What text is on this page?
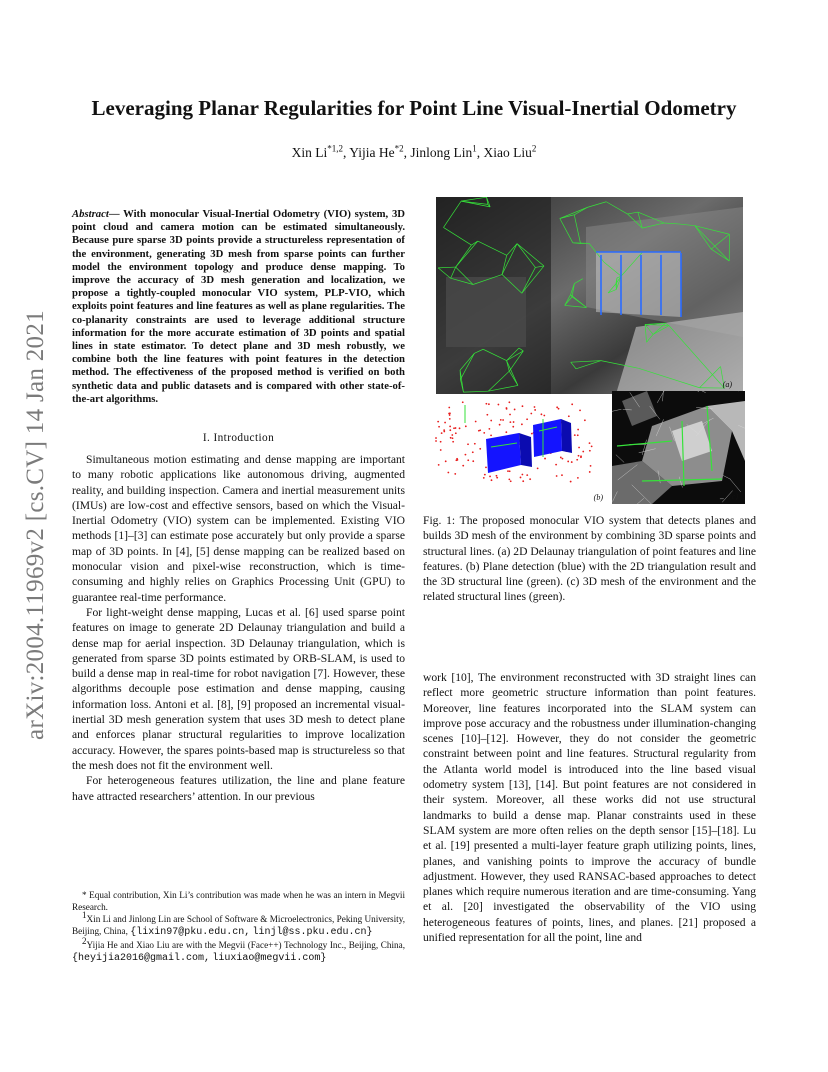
arXiv:2004.11969v2 [cs.CV] 14 Jan 2021
Leveraging Planar Regularities for Point Line Visual-Inertial Odometry
Xin Li$^{*1,2}$, Yijia He$^{*2}$, Jinlong Lin$^1$, Xiao Liu$^2$
Abstract— With monocular Visual-Inertial Odometry (VIO) system, 3D point cloud and camera motion can be estimated simultaneously. Because pure sparse 3D points provide a structureless representation of the environment, generating 3D mesh from sparse points can further model the environment topology and produce dense mapping. To improve the accuracy of 3D mesh generation and localization, we propose a tightly-coupled monocular VIO system, PLP-VIO, which exploits point features and line features as well as plane regularities. The co-planarity constraints are used to leverage additional structure information for the more accurate estimation of 3D points and spatial lines in state estimator. To detect plane and 3D mesh robustly, we combine both the line features with point features in the detection method. The effectiveness of the proposed method is verified on both synthetic data and public datasets and is compared with other state-of-the-art algorithms.
I. Introduction

Simultaneous motion estimating and dense mapping are important to many robotic applications like autonomous driving, augmented reality, and building inspection. Camera and inertial measurement units (IMUs) are low-cost and effective sensors, based on which the Visual-Inertial Odometry (VIO) system can be implemented. Existing VIO methods [1]–[3] can estimate pose accurately but only provide a sparse map of 3D points. In [4], [5] dense mapping can be realized based on monocular vision and pixel-wise reconstruction, which is time-consuming and highly relies on Graphics Processing Unit (GPU) to guarantee real-time performance.

For light-weight dense mapping, Lucas et al. [6] used sparse point features on image to generate 2D Delaunay triangulation and build a dense map for aerial inspection. 3D Delaunay triangulation, which is generated from sparse 3D points estimated by ORB-SLAM, is used to build a dense map in real-time for robot navigation [7]. However, these algorithms decouple pose estimation and dense mapping, causing information loss. Antoni et al. [8], [9] proposed an incremental visual-inertial 3D mesh generation system that uses 3D mesh to detect plane and enforces planar structural regularities to improve localization accuracy. However, the spares points-based map is structureless so that the mesh does not fit the environment well.

For heterogeneous features utilization, the line and plane feature have attracted researchers’ attention. In our previous

* Equal contribution, Xin Li’s contribution was made when he was an intern in Megvii Research.

$^1$Xin Li and Jinlong Lin are School of Software & Microelectronics, Peking University, Beijing, China, {lixin97@pku.edu.cn, linjl@ss.pku.edu.cn}

$^2$Yijia He and Xiao Liu are with the Megvii (Face++) Technology Inc., Beijing, China, {heyijia2016@gmail.com, liuxiao@megvii.com}

(a)
(b)	(c)

Fig. 1: The proposed monocular VIO system that detects planes and builds 3D mesh of the environment by combining 3D sparse points and structural lines. (a) 2D Delaunay triangulation of point features and line features. (b) Plane detection (blue) with the 2D triangulation result and the 3D structural line (green). (c) 3D mesh of the environment and the related structural lines (green).

work [10], The environment reconstructed with 3D straight lines can reflect more geometric structure information than point features. Moreover, line features incorporated into the SLAM system can improve pose accuracy and the robustness under illumination-changing scenes [10]–[12]. However, they do not consider the geometric constraint between point and line features. Structural regularity from the Atlanta world model is introduced into the line based visual odometry system [13], [14]. But point features are not considered in their system. Moreover, all these works did not use structural landmarks to build a dense map. Planar constraints used in these SLAM system are more often relies on the depth sensor [15]–[18]. Lu et al. [19] presented a multi-layer feature graph utilizing points, lines, planes, and vanishing points to improve the accuracy of bundle adjustment. However, they used RANSAC-based approaches to detect planes which require numerous iteration and are time-consuming. Yang et al. [20] investigated the observability of the VIO using heterogeneous features of points, lines, and planes. [21] proposed a unified representation for all the point, line and
